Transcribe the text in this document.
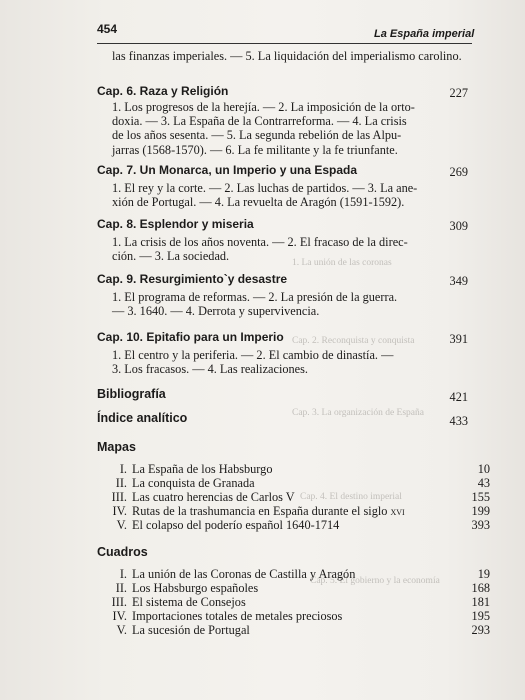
454	La España imperial
las finanzas imperiales. — 5. La liquidación del imperialismo carolino.
1. La unión de las coronas
Cap. 2. Reconquista y conquista
Cap. 3. La organización de España
Cap. 4. El destino imperial
Cap. 5. El gobierno y la economía
Cap. 6. Raza y Religión	227
1. Los progresos de la herejía. — 2. La imposición de la orto-
doxia. — 3. La España de la Contrarreforma. — 4. La crisis
de los años sesenta. — 5. La segunda rebelión de las Alpu-
jarras (1568-1570). — 6. La fe militante y la fe triunfante.
Cap. 7. Un Monarca, un Imperio y una Espada	269
1. El rey y la corte. — 2. Las luchas de partidos. — 3. La ane-
xión de Portugal. — 4. La revuelta de Aragón (1591-1592).
Cap. 8. Esplendor y miseria	309
1. La crisis de los años noventa. — 2. El fracaso de la direc-
ción. — 3. La sociedad.
Cap. 9. Resurgimiento`y desastre	349
1. El programa de reformas. — 2. La presión de la guerra.
— 3. 1640. — 4. Derrota y supervivencia.
Cap. 10. Epitafio para un Imperio	391
1. El centro y la periferia. — 2. El cambio de dinastía. —
3. Los fracasos. — 4. Las realizaciones.
Bibliografía	421
Índice analítico	433
Mapas
I. La España de los Habsburgo	10
II. La conquista de Granada	43
III. Las cuatro herencias de Carlos V	155
IV. Rutas de la trashumancia en España durante el siglo xvi	199
V. El colapso del poderío español 1640-1714	393
Cuadros
I. La unión de las Coronas de Castilla y Aragón	19
II. Los Habsburgo españoles	168
III. El sistema de Consejos	181
IV. Importaciones totales de metales preciosos	195
V. La sucesión de Portugal	293
